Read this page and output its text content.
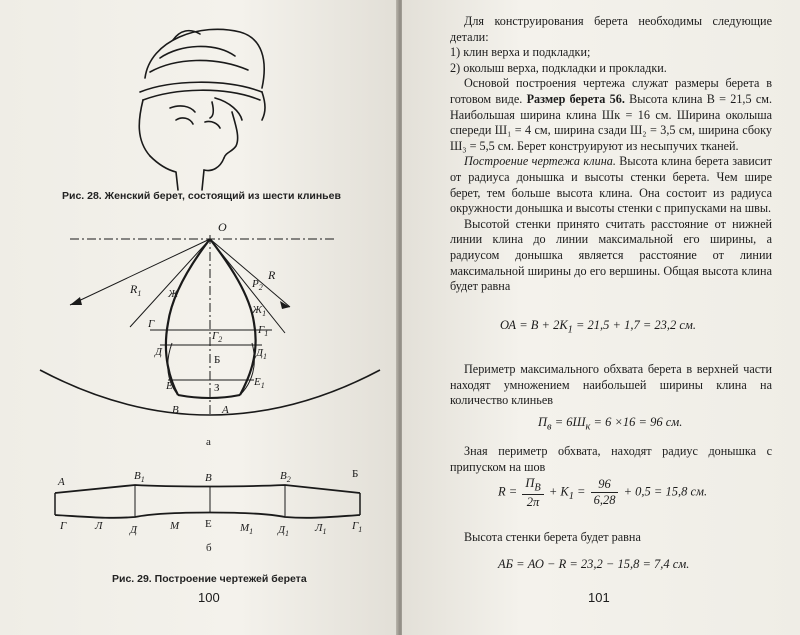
Рис. 28. Женский берет, состоящий из шести клиньев
O
R
$R_1$
$Р_2$
Ж
$Ж_1$
Г
$Г_2$
$Г_1$
Д
Б
$Д_1$
Е	З	$Е_1$
В	А
а
А	$В_1$	В	$В_2$	Б
Г	Л	Д	М Е	$М_1$ $Д_1$ $Л_1$ $Г_1$
б
Рис. 29. Построение чертежей берета
100

Для конструирования берета необходимы следующие детали:

1) клин верха и подкладки;

2) околыш верха, подкладки и прокладки.

Основой построения чертежа служат размеры берета в готовом виде. Размер берета 56. Высота клина В = 21,5 см. Наибольшая ширина клина Шк = 16 см. Ширина околыша спереди Ш₁ = 4 см, ширина сзади Ш₂ = 3,5 см, ширина сбоку Ш₃ = 5,5 см. Берет конструируют из несыпучих тканей.

Построение чертежа клина. Высота клина берета зависит от радиуса донышка и высоты стенки берета. Чем шире берет, тем больше высота клина. Она состоит из радиуса окружности донышка и высоты стенки с припусками на швы.

Высотой стенки принято считать расстояние от нижней линии клина до линии максимальной его ширины, а радиусом донышка является расстояние от линии максимальной ширины до его вершины. Общая высота клина будет равна

ОА = $В + 2К_1 = 21,5 + 1,7 = 23,2$ см.

Периметр максимального обхвата берета в верхней части находят умножением наибольшей ширины клина на количество клиньев

$П_в = 6Ш_к = 6 \times 16 = 96$ см.

Зная периметр обхвата, находят радиус донышка с припуском на шов

$R = \frac{П_В}{2\pi} + К_1 = \frac{96}{6,28} + 0,5 = 15,8$ см.

Высота стенки берета будет равна

АБ = АО − R = 23,2 − 15,8 = 7,4 см.
101
